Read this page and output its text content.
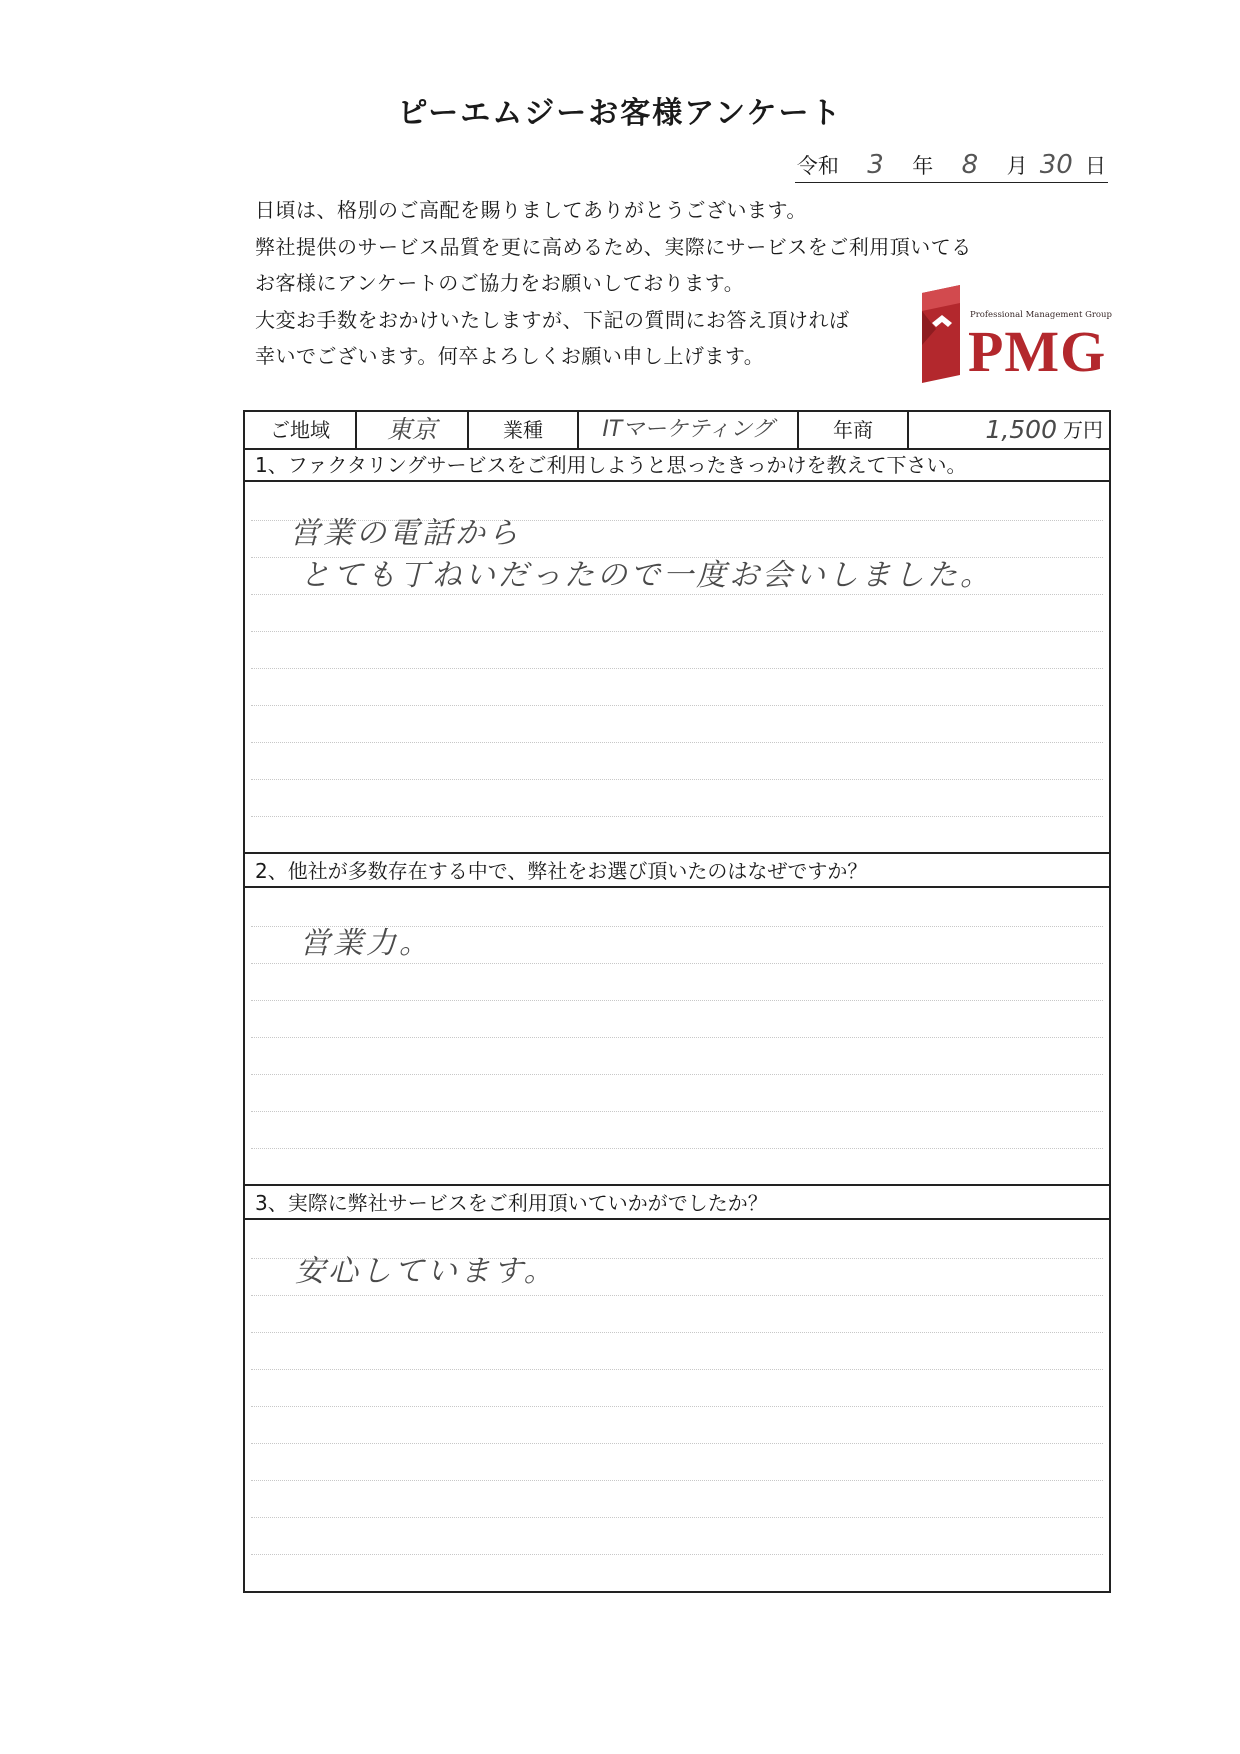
ピーエムジーお客様アンケート
令和 3 年 8 月 30 日

日頃は、格別のご高配を賜りましてありがとうございます。

弊社提供のサービス品質を更に高めるため、実際にサービスをご利用頂いてる

お客様にアンケートのご協力をお願いしております。

大変お手数をおかけいたしますが、下記の質問にお答え頂ければ

幸いでございます。何卒よろしくお願い申し上げます。

Professional Management Group
PMG
ご地域	東京	業種	ITマーケティング	年商	1,500 万円
1、ファクタリングサービスをご利用しようと思ったきっかけを教えて下さい。
営業の電話から
とても丁ねいだったので一度お会いしました。
2、他社が多数存在する中で、弊社をお選び頂いたのはなぜですか？
営業力。
3、実際に弊社サービスをご利用頂いていかがでしたか？
安心しています。
